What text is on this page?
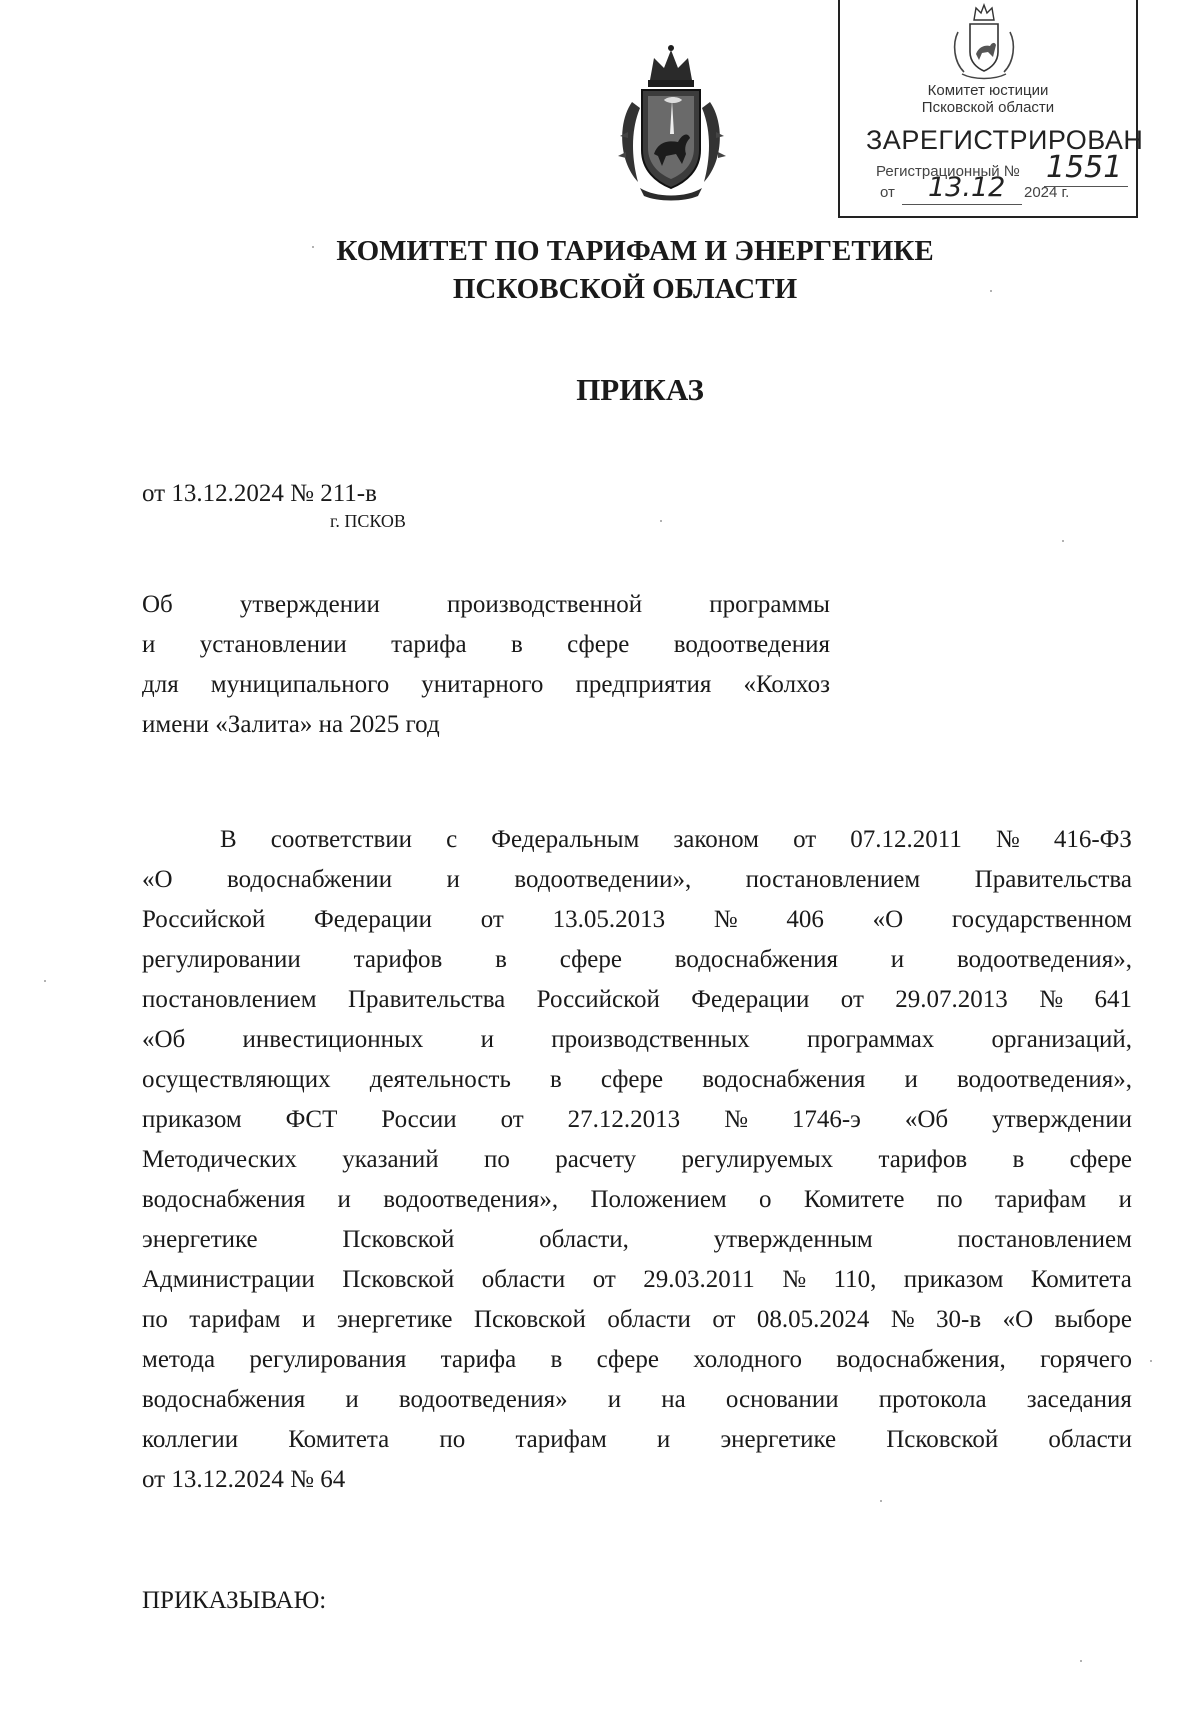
Комитет юстиции
Псковской области
ЗАРЕГИСТРИРОВАН
Регистрационный № 1551
от 13.12 2024 г.
КОМИТЕТ ПО ТАРИФАМ И ЭНЕРГЕТИКЕ
ПСКОВСКОЙ ОБЛАСТИ
ПРИКАЗ
от 13.12.2024 № 211-в
г. ПСКОВ
Об	утверждении	производственной	программы
и установлении тарифа в сфере водоотведения
для муниципального унитарного предприятия «Колхоз
имени «Залита» на 2025 год
В соответствии с Федеральным законом от 07.12.2011 № 416-ФЗ
«О водоснабжении и водоотведении», постановлением Правительства
Российской Федерации от 13.05.2013 № 406 «О государственном
регулировании тарифов в сфере водоснабжения и водоотведения»,
постановлением Правительства Российской Федерации от 29.07.2013 № 641
«Об инвестиционных и производственных программах организаций,
осуществляющих деятельность в сфере водоснабжения и водоотведения»,
приказом ФСТ России от 27.12.2013 № 1746-э «Об утверждении
Методических указаний по расчету регулируемых тарифов в сфере
водоснабжения и водоотведения», Положением о Комитете по тарифам и
энергетике	Псковской	области,	утвержденным	постановлением
Администрации Псковской области от 29.03.2011 № 110, приказом Комитета
по тарифам и энергетике Псковской области от 08.05.2024 № 30-в «О выборе
метода регулирования тарифа в сфере холодного водоснабжения, горячего
водоснабжения и водоотведения» и на основании протокола заседания
коллегии Комитета по тарифам и энергетике Псковской области
от 13.12.2024 № 64
ПРИКАЗЫВАЮ:
